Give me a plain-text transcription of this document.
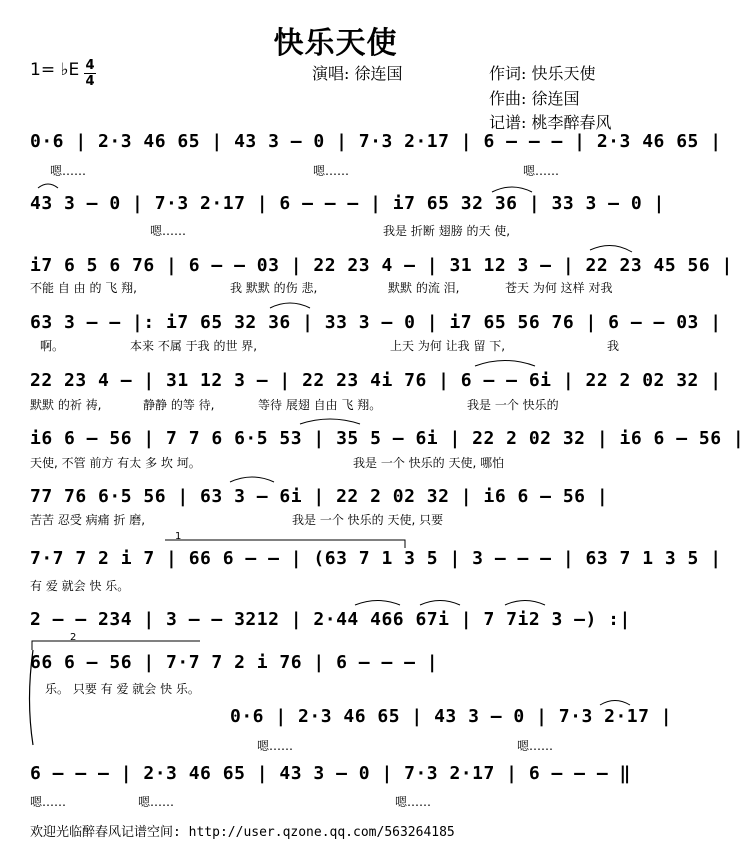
快乐天使
1= ♭E 4
4	演唱: 徐连国	作词: 快乐天使
作曲: 徐连国
记谱: 桃李醉春风
0·6 | 2·3 46 65 | 43 3 – 0 | 7·3 2·17 | 6 – – – | 2·3 46 65 |
嗯……	嗯……	嗯……
43 3 – 0 | 7·3 2·17 | 6 – – – | i7 65 32 36 | 33 3 – 0 |
嗯……	我是 折断 翅膀 的天 使,
i7 6 5 6 76 | 6 – – 03 | 22 23 4 – | 31 12 3 – | 22 23 45 56 |
不能 自 由 的 飞 翔,	我 默默 的伤 悲,	默默 的流 泪,	苍天 为何 这样 对我
63 3 – – |: i7 65 32 36 | 33 3 – 0 | i7 65 56 76 | 6 – – 03 |
啊。	本来 不属 于我 的世 界,	上天 为何 让我 留 下,	我
22 23 4 – | 31 12 3 – | 22 23 4i 76 | 6 – – 6i | 22 2 02 32 |
默默 的祈 祷,	静静 的等 待,	等待 展翅 自由 飞 翔。	我是 一个 快乐的
i6 6 – 56 | 7 7 6 6·5 53 | 35 5 – 6i | 22 2 02 32 | i6 6 – 56 |
天使, 不管 前方 有太 多 坎 坷。	我是 一个 快乐的 天使, 哪怕
77 76 6·5 56 | 63 3 – 6i | 22 2 02 32 | i6 6 – 56 |
苦苦 忍受 病痛 折 磨,	我是 一个 快乐的 天使, 只要
1
7·7 7 2 i 7 | 66 6 – – | (63 7 1 3 5 | 3 – – – | 63 7 1 3 5 |
有 爱 就会 快 乐。
2 – – 234 | 3 – – 3212 | 2·44 466 67i | 7 7i2 3 –) :|
2
66 6 – 56 | 7·7 7 2 i 76 | 6 – – – |
乐。 只要 有 爱 就会 快 乐。
0·6 | 2·3 46 65 | 43 3 – 0 | 7·3 2·17 |
嗯……	嗯……
6 – – – | 2·3 46 65 | 43 3 – 0 | 7·3 2·17 | 6 – – – ‖
嗯……	嗯……	嗯……
欢迎光临醉春风记谱空间: http://user.qzone.qq.com/563264185
